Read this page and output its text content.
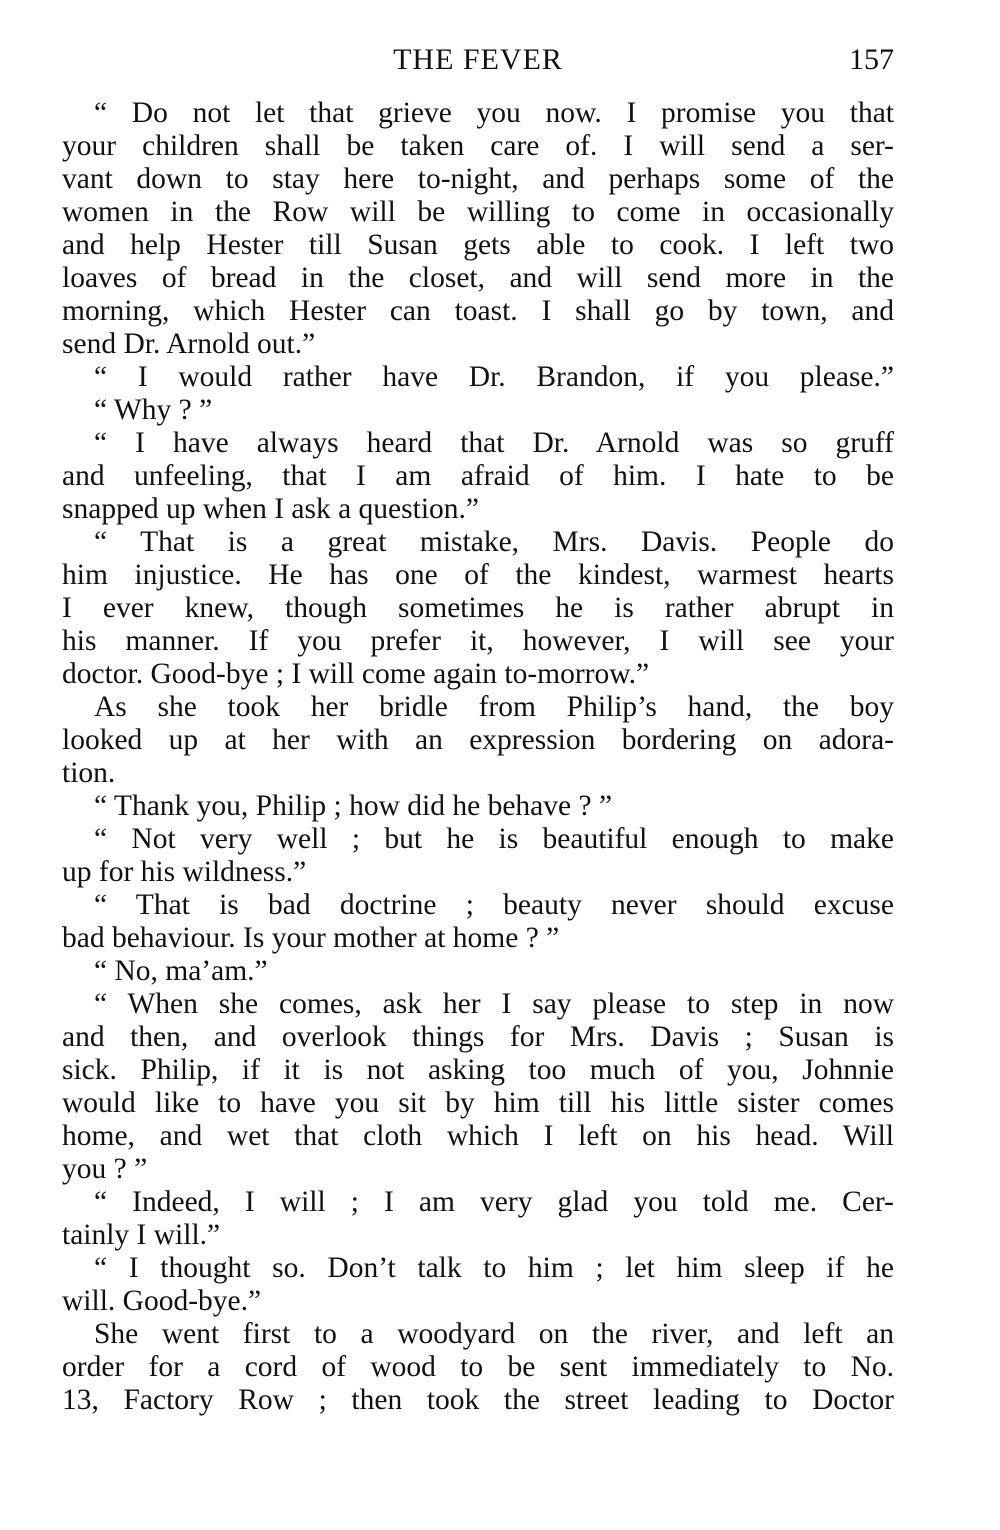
THE FEVER	157
“ Do not let that grieve you now. I promise you that
your children shall be taken care of. I will send a ser-
vant down to stay here to-night, and perhaps some of the
women in the Row will be willing to come in occasionally
and help Hester till Susan gets able to cook. I left two
loaves of bread in the closet, and will send more in the
morning, which Hester can toast. I shall go by town, and
send Dr. Arnold out.”
“ I would rather have Dr. Brandon, if you please.”
“ Why ? ”
“ I have always heard that Dr. Arnold was so gruff
and unfeeling, that I am afraid of him. I hate to be
snapped up when I ask a question.”
“ That is a great mistake, Mrs. Davis. People do
him injustice. He has one of the kindest, warmest hearts
I ever knew, though sometimes he is rather abrupt in
his manner. If you prefer it, however, I will see your
doctor. Good-bye ; I will come again to-morrow.”
As she took her bridle from Philip’s hand, the boy
looked up at her with an expression bordering on adora-
tion.
“ Thank you, Philip ; how did he behave ? ”
“ Not very well ; but he is beautiful enough to make
up for his wildness.”
“ That is bad doctrine ; beauty never should excuse
bad behaviour. Is your mother at home ? ”
“ No, ma’am.”
“ When she comes, ask her I say please to step in now
and then, and overlook things for Mrs. Davis ; Susan is
sick. Philip, if it is not asking too much of you, Johnnie
would like to have you sit by him till his little sister comes
home, and wet that cloth which I left on his head. Will
you ? ”
“ Indeed, I will ; I am very glad you told me. Cer-
tainly I will.”
“ I thought so. Don’t talk to him ; let him sleep if he
will. Good-bye.”
She went first to a woodyard on the river, and left an
order for a cord of wood to be sent immediately to No.
13, Factory Row ; then took the street leading to Doctor
